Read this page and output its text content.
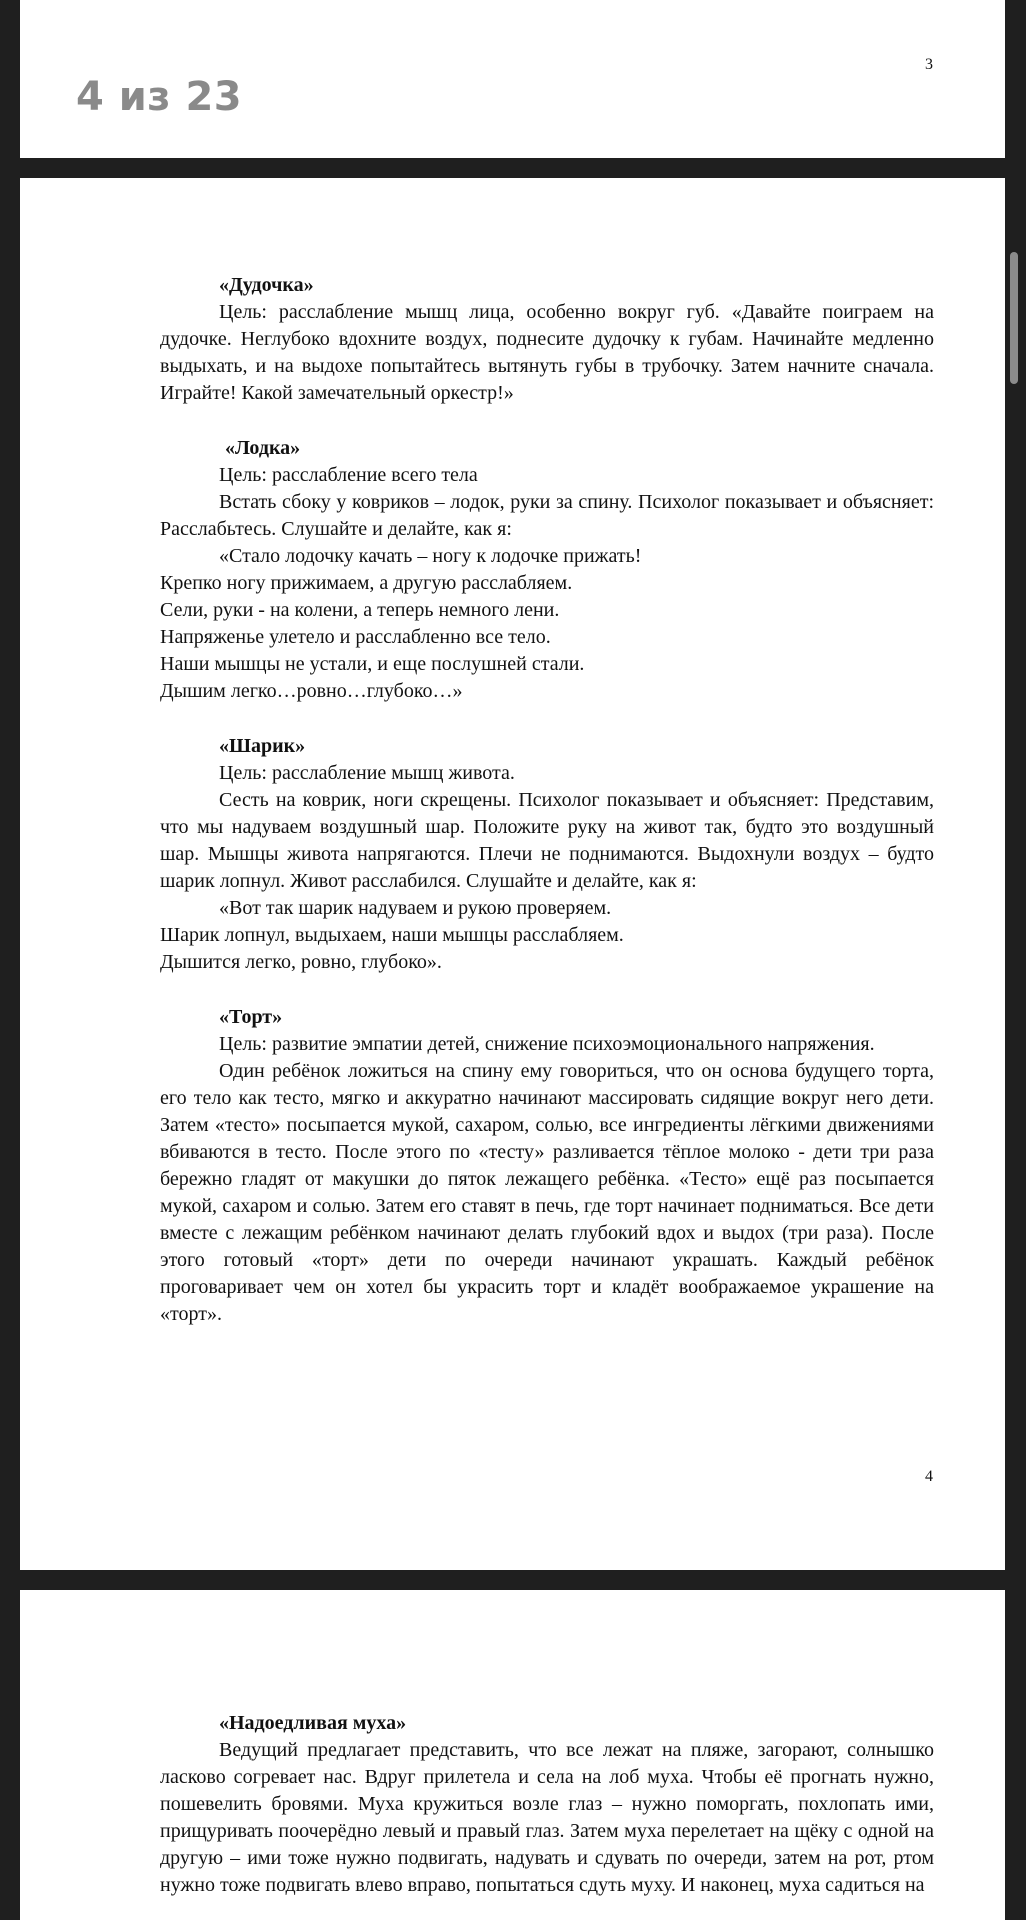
4 из 23
3
«Дудочка»
Цель: расслабление мышц лица, особенно вокруг губ. «Давайте поиграем на дудочке. Неглубоко вдохните воздух, поднесите дудочку к губам. Начинайте медленно выдыхать, и на выдохе попытайтесь вытянуть губы в трубочку. Затем начните сначала. Играйте! Какой замечательный оркестр!»
«Лодка»
Цель: расслабление всего тела
Встать сбоку у ковриков – лодок, руки за спину. Психолог показывает и объясняет: Расслабьтесь. Слушайте и делайте, как я:
«Стало лодочку качать – ногу к лодочке прижать!
Крепко ногу прижимаем, а другую расслабляем.
Сели, руки - на колени, а теперь немного лени.
Напряженье улетело и расслабленно все тело.
Наши мышцы не устали, и еще послушней стали.
Дышим легко…ровно…глубоко…»
«Шарик»
Цель: расслабление мышц живота.
Сесть на коврик, ноги скрещены. Психолог показывает и объясняет: Представим, что мы надуваем воздушный шар. Положите руку на живот так, будто это воздушный шар. Мышцы живота напрягаются. Плечи не поднимаются. Выдохнули воздух – будто шарик лопнул. Живот расслабился. Слушайте и делайте, как я:
«Вот так шарик надуваем и рукою проверяем.
Шарик лопнул, выдыхаем, наши мышцы расслабляем.
Дышится легко, ровно, глубоко».
«Торт»
Цель: развитие эмпатии детей, снижение психоэмоционального напряжения.
Один ребёнок ложиться на спину ему говориться, что он основа будущего торта, его тело как тесто, мягко и аккуратно начинают массировать сидящие вокруг него дети. Затем «тесто» посыпается мукой, сахаром, солью, все ингредиенты лёгкими движениями вбиваются в тесто. После этого по «тесту» разливается тёплое молоко - дети три раза бережно гладят от макушки до пяток лежащего ребёнка. «Тесто» ещё раз посыпается мукой, сахаром и солью. Затем его ставят в печь, где торт начинает подниматься. Все дети вместе с лежащим ребёнком начинают делать глубокий вдох и выдох (три раза). После этого готовый «торт» дети по очереди начинают украшать. Каждый ребёнок проговаривает чем он хотел бы украсить торт и кладёт воображаемое украшение на «торт».
4
«Надоедливая муха»
Ведущий предлагает представить, что все лежат на пляже, загорают, солнышко ласково согревает нас. Вдруг прилетела и села на лоб муха. Чтобы её прогнать нужно, пошевелить бровями. Муха кружиться возле глаз – нужно поморгать, похлопать ими, прищуривать поочерёдно левый и правый глаз. Затем муха перелетает на щёку с одной на другую – ими тоже нужно подвигать, надувать и сдувать по очереди, затем на рот, ртом нужно тоже подвигать влево вправо, попытаться сдуть муху. И наконец, муха садиться на
